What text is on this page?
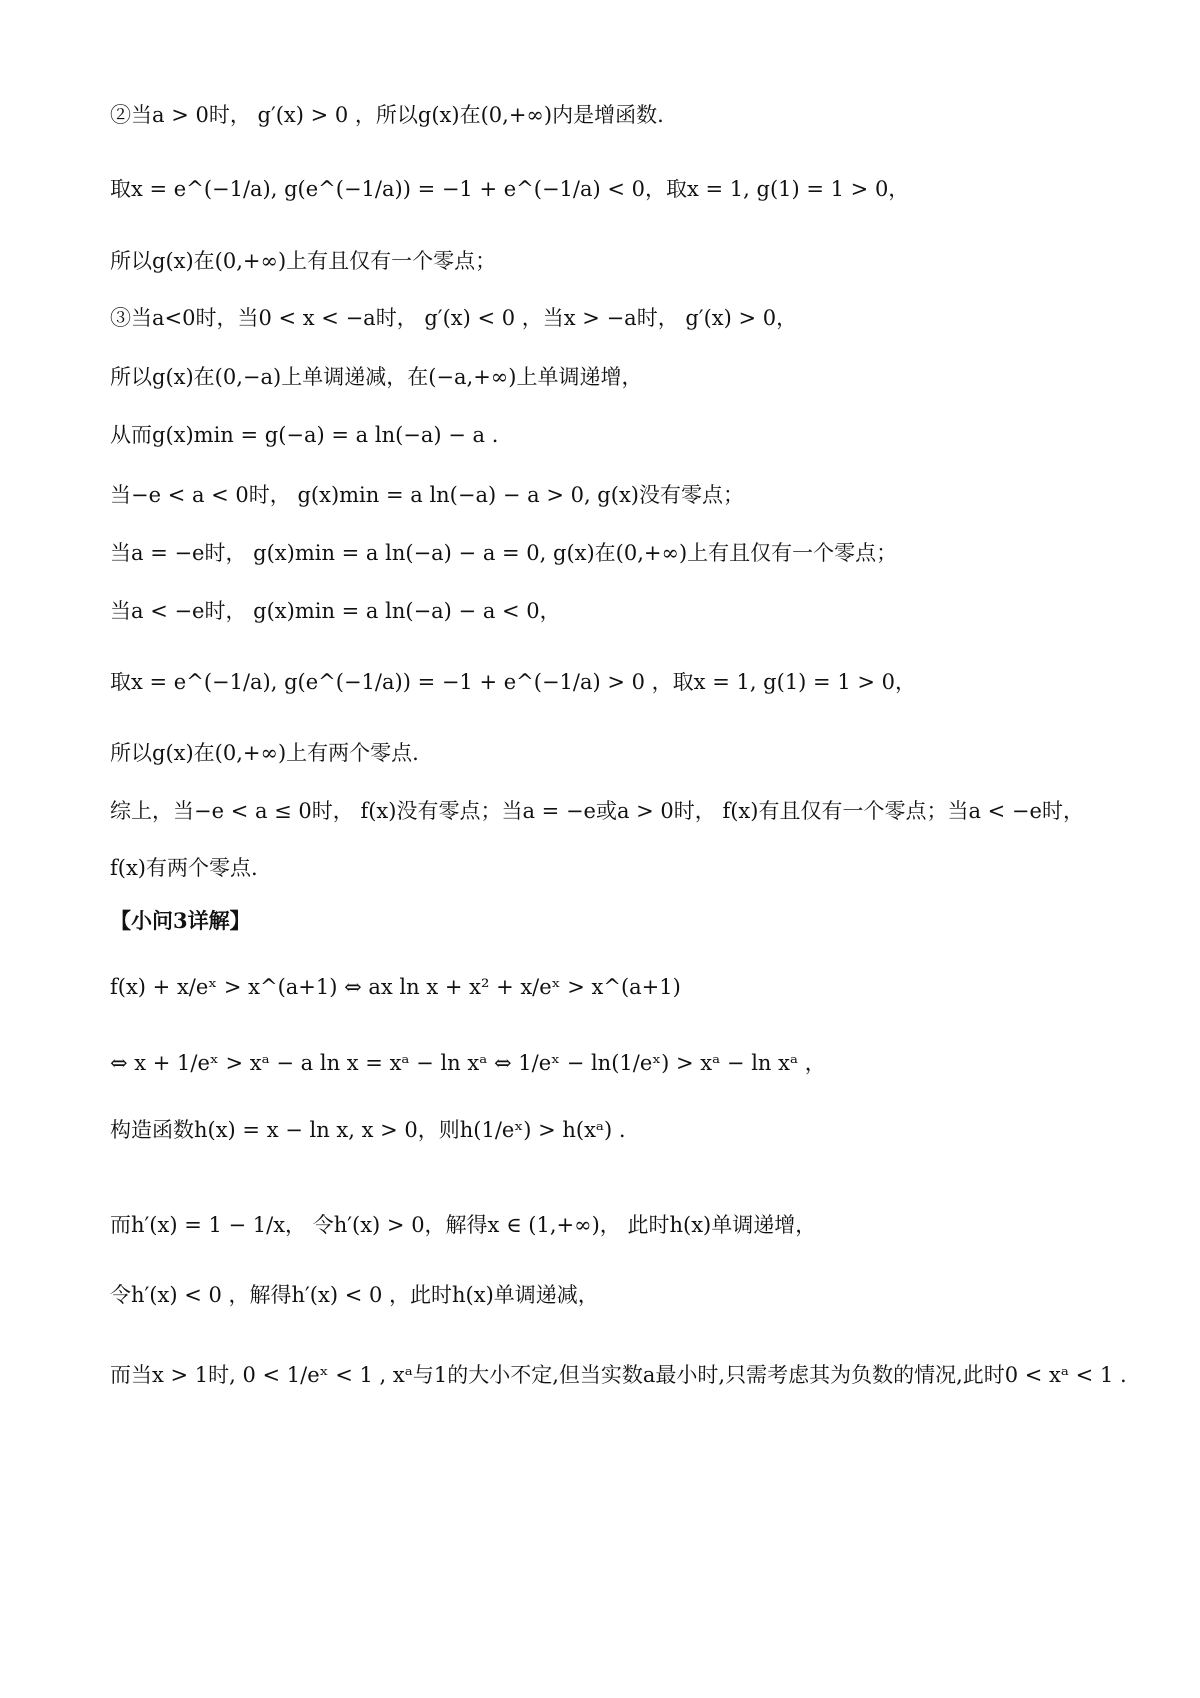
②当a > 0时， g′(x) > 0 ，所以g(x)在(0,+∞)内是增函数.
取x = e^(−1/a), g(e^(−1/a)) = −1 + e^(−1/a) < 0，取x = 1, g(1) = 1 > 0，
所以g(x)在(0,+∞)上有且仅有一个零点；
③当a<0时，当0 < x < −a时， g′(x) < 0 ，当x > −a时， g′(x) > 0，
所以g(x)在(0,−a)上单调递减，在(−a,+∞)上单调递增，
从而g(x)min = g(−a) = a ln(−a) − a .
当−e < a < 0时， g(x)min = a ln(−a) − a > 0, g(x)没有零点；
当a = −e时， g(x)min = a ln(−a) − a = 0, g(x)在(0,+∞)上有且仅有一个零点；
当a < −e时， g(x)min = a ln(−a) − a < 0，
取x = e^(−1/a), g(e^(−1/a)) = −1 + e^(−1/a) > 0 ，取x = 1, g(1) = 1 > 0，
所以g(x)在(0,+∞)上有两个零点.
综上，当−e < a ≤ 0时， f(x)没有零点；当a = −e或a > 0时， f(x)有且仅有一个零点；当a < −e时，
f(x)有两个零点.
【小问3详解】
f(x) + x/eˣ > x^(a+1) ⇔ ax ln x + x² + x/eˣ > x^(a+1)
⇔ x + 1/eˣ > xᵃ − a ln x = xᵃ − ln xᵃ ⇔ 1/eˣ − ln(1/eˣ) > xᵃ − ln xᵃ ，
构造函数h(x) = x − ln x, x > 0，则h(1/eˣ) > h(xᵃ) .
而h′(x) = 1 − 1/x， 令h′(x) > 0，解得x ∈ (1,+∞)， 此时h(x)单调递增，
令h′(x) < 0 ，解得h′(x) < 0 ，此时h(x)单调递减，
而当x > 1时, 0 < 1/eˣ < 1 , xᵃ与1的大小不定,但当实数a最小时,只需考虑其为负数的情况,此时0 < xᵃ < 1 .
